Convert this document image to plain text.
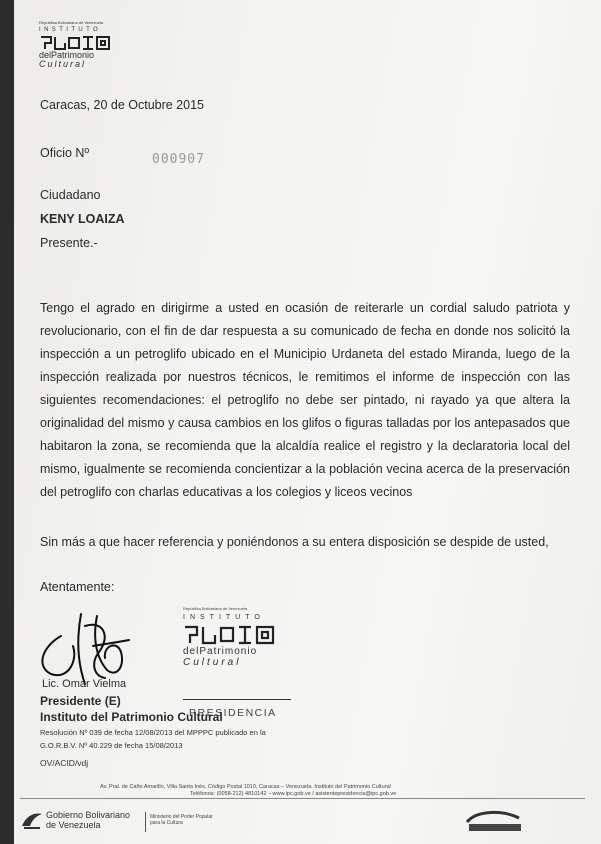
República Bolivariana de Venezuela
INSTITUTO
delPatrimonio
Cultural
Caracas, 20 de Octubre 2015
Oficio Nº	000907
Ciudadano
KENY LOAIZA
Presente.-
Tengo el agrado en dirigirme a usted en ocasión de reiterarle un cordial saludo patriota y revolucionario, con el fin de dar respuesta a su comunicado de fecha en donde nos solicitó la inspección a un petroglifo ubicado en el Municipio Urdaneta del estado Miranda, luego de la inspección realizada por nuestros técnicos, le remitimos el informe de inspección con las siguientes recomendaciones: el petroglifo no debe ser pintado, ni rayado ya que altera la originalidad del mismo y causa cambios en los glifos o figuras talladas por los antepasados que habitaron la zona, se recomienda que la alcaldía realice el registro y la declaratoria local del mismo, igualmente se recomienda concientizar a la población vecina acerca de la preservación del petroglifo con charlas educativas a los colegios y liceos vecinos
Sin más a que hacer referencia y poniéndonos a su entera disposición se despide de usted,
Atentamente:
República Bolivariana de Venezuela
INSTITUTO
delPatrimonio
Cultural
PRESIDENCIA
Lic. Omar Vielma
Presidente (E)
Instituto del Patrimonio Cultural
Resolución Nº 039 de fecha 12/08/2013 del MPPPC publicado en la
G.O.R.B.V. Nº 40.229 de fecha 15/08/2013
OV/ACID/vdj
Av. Pral. de Caño Amarillo, Villa Santa Inés, Código Postal 1010, Caracas – Venezuela. Instituto del Patrimonio Cultural
Teléfonos: (0058-212) 4810142 – www.ipc.gob.ve / asistentepresidencia@ipc.gob.ve
Gobierno Bolivariano
de Venezuela
Ministerio del Poder Popular
para la Cultura
